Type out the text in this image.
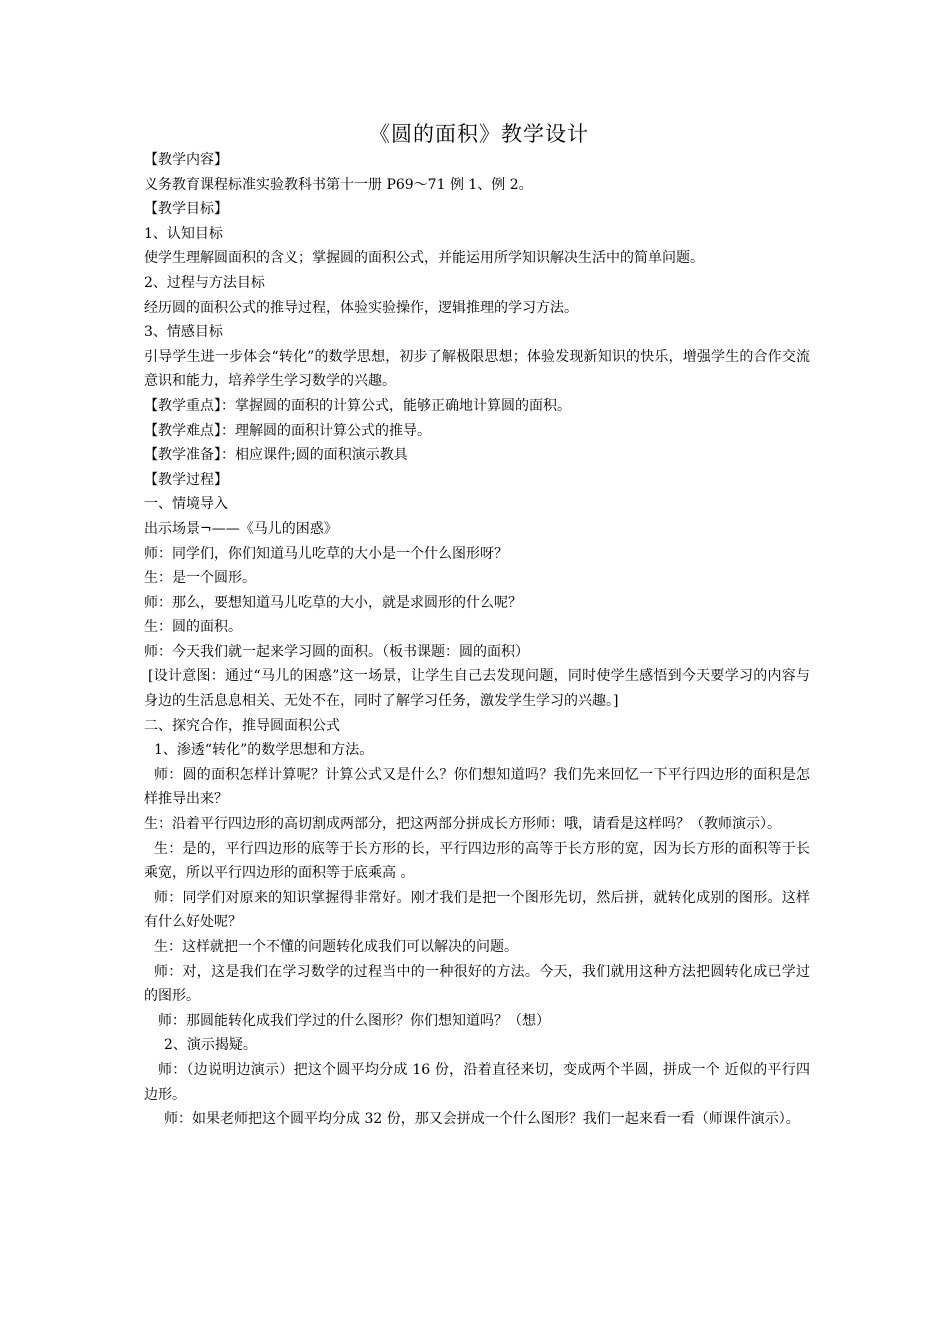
《圆的面积》教学设计
【教学内容】
义务教育课程标准实验教科书第十一册 P69～71 例 1、例 2。
【教学目标】
1、认知目标
使学生理解圆面积的含义；掌握圆的面积公式，并能运用所学知识解决生活中的简单问题。
2、过程与方法目标
经历圆的面积公式的推导过程，体验实验操作，逻辑推理的学习方法。
3、情感目标
引导学生进一步体会“转化”的数学思想，初步了解极限思想；体验发现新知识的快乐，增强学生的合作交流意识和能力，培养学生学习数学的兴趣。
【教学重点】：掌握圆的面积的计算公式，能够正确地计算圆的面积。
【教学难点】：理解圆的面积计算公式的推导。
【教学准备】：相应课件;圆的面积演示教具
【教学过程】
一、情境导入
出示场景¬——《马儿的困惑》
师：同学们，你们知道马儿吃草的大小是一个什么图形呀？
生：是一个圆形。
师：那么，要想知道马儿吃草的大小，就是求圆形的什么呢？
生：圆的面积。
师：今天我们就一起来学习圆的面积。（板书课题：圆的面积）
[设计意图：通过“马儿的困惑”这一场景，让学生自己去发现问题，同时使学生感悟到今天要学习的内容与身边的生活息息相关、无处不在，同时了解学习任务，激发学生学习的兴趣。]
二、探究合作，推导圆面积公式
1、渗透“转化”的数学思想和方法。
师：圆的面积怎样计算呢？计算公式又是什么？你们想知道吗？我们先来回忆一下平行四边形的面积是怎样推导出来？
生：沿着平行四边形的高切割成两部分，把这两部分拼成长方形师：哦，请看是这样吗？（教师演示）。
生：是的，平行四边形的底等于长方形的长，平行四边形的高等于长方形的宽，因为长方形的面积等于长乘宽，所以平行四边形的面积等于底乘高 。
师：同学们对原来的知识掌握得非常好。刚才我们是把一个图形先切，然后拼，就转化成别的图形。这样有什么好处呢？
生：这样就把一个不懂的问题转化成我们可以解决的问题。
师：对，这是我们在学习数学的过程当中的一种很好的方法。今天，我们就用这种方法把圆转化成已学过的图形。
师：那圆能转化成我们学过的什么图形？你们想知道吗？（想）
2、演示揭疑。
师：（边说明边演示）把这个圆平均分成 16 份，沿着直径来切，变成两个半圆，拼成一个 近似的平行四边形。
师：如果老师把这个圆平均分成 32 份，那又会拼成一个什么图形？我们一起来看一看（师课件演示）。
